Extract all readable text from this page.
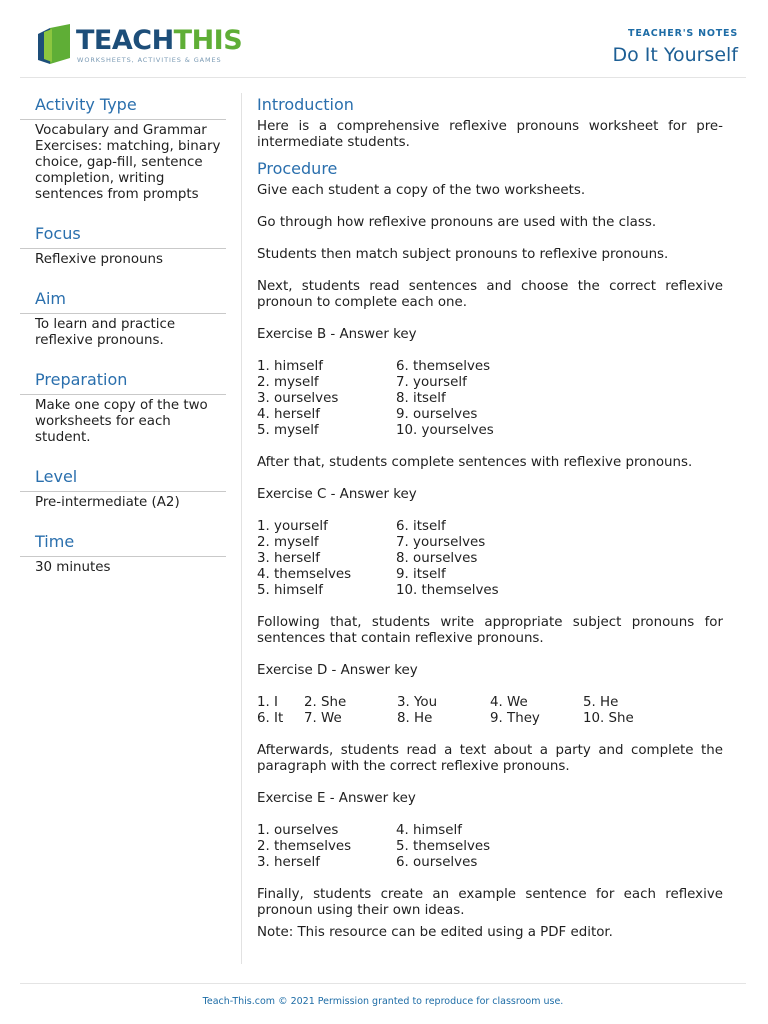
TEACHTHIS
WORKSHEETS, ACTIVITIES & GAMES
TEACHER'S NOTES
Do It Yourself
Activity Type
Vocabulary and Grammar Exercises: matching, binary choice, gap-fill, sentence completion, writing sentences from prompts
Focus
Reflexive pronouns
Aim
To learn and practice reflexive pronouns.
Preparation
Make one copy of the two worksheets for each student.
Level
Pre-intermediate (A2)
Time
30 minutes
Introduction

Here is a comprehensive reflexive pronouns worksheet for pre-intermediate students.

Procedure

Give each student a copy of the two worksheets.

Go through how reflexive pronouns are used with the class.

Students then match subject pronouns to reflexive pronouns.

Next, students read sentences and choose the correct reflexive pronoun to complete each one.

Exercise B - Answer key

1. himself	6. themselves
2. myself	7. yourself
3. ourselves	8. itself
4. herself	9. ourselves
5. myself	10. yourselves

After that, students complete sentences with reflexive pronouns.

Exercise C - Answer key

1. yourself	6. itself
2. myself	7. yourselves
3. herself	8. ourselves
4. themselves	9. itself
5. himself	10. themselves

Following that, students write appropriate subject pronouns for sentences that contain reflexive pronouns.

Exercise D - Answer key

1. I	2. She	3. You	4. We	5. He
6. It	7. We	8. He	9. They	10. She

Afterwards, students read a text about a party and complete the paragraph with the correct reflexive pronouns.

Exercise E - Answer key

1. ourselves	4. himself
2. themselves	5. themselves
3. herself	6. ourselves

Finally, students create an example sentence for each reflexive pronoun using their own ideas.

Note: This resource can be edited using a PDF editor.

Teach-This.com © 2021 Permission granted to reproduce for classroom use.
